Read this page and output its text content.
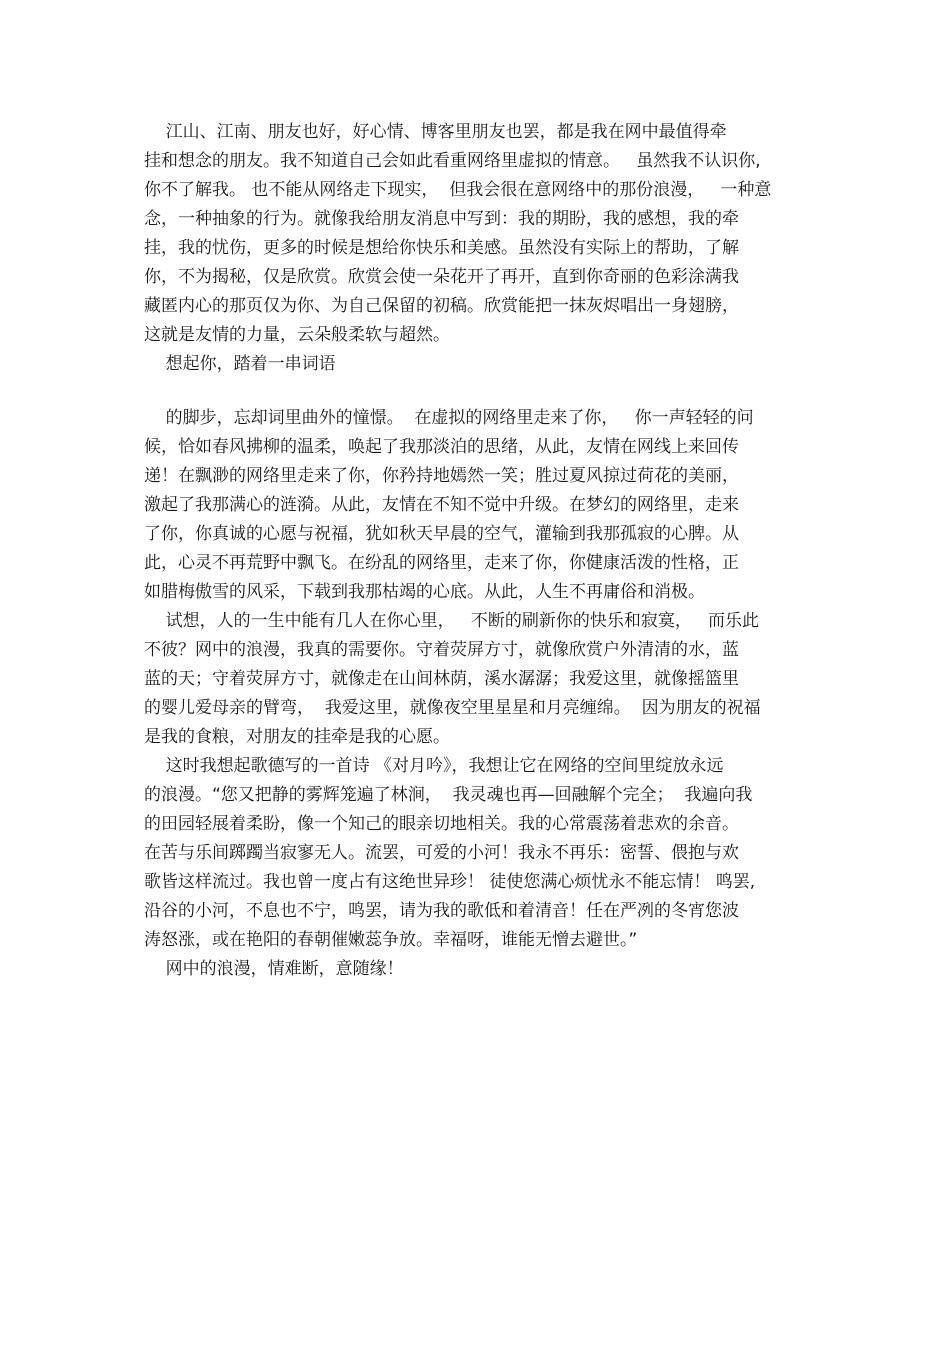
江山、江南、朋友也好，好心情、博客里朋友也罢，都是我在网中最值得牵
挂和想念的朋友。我不知道自己会如此看重网络里虚拟的情意。   虽然我不认识你,
你不了解我。 也不能从网络走下现实，  但我会很在意网络中的那份浪漫，   一种意
念，一种抽象的行为。就像我给朋友消息中写到：我的期盼，我的感想，我的牵
挂，我的忧伤，更多的时候是想给你快乐和美感。虽然没有实际上的帮助，了解
你，不为揭秘，仅是欣赏。欣赏会使一朵花开了再开，直到你奇丽的色彩涂满我
藏匿内心的那页仅为你、为自己保留的初稿。欣赏能把一抹灰烬唱出一身翅膀，
这就是友情的力量，云朵般柔软与超然。
想起你，踏着一串词语
的脚步，忘却词里曲外的憧憬。  在虚拟的网络里走来了你，   你一声轻轻的问
候，恰如春风拂柳的温柔，唤起了我那淡泊的思绪，从此，友情在网线上来回传
递！在飘渺的网络里走来了你，你矜持地嫣然一笑；胜过夏风掠过荷花的美丽，
激起了我那满心的涟漪。从此，友情在不知不觉中升级。在梦幻的网络里，走来
了你，你真诚的心愿与祝福，犹如秋天早晨的空气，灌输到我那孤寂的心脾。从
此，心灵不再荒野中飘飞。在纷乱的网络里，走来了你，你健康活泼的性格，正
如腊梅傲雪的风采，下载到我那枯竭的心底。从此，人生不再庸俗和消极。
试想，人的一生中能有几人在你心里，   不断的刷新你的快乐和寂寞，   而乐此
不彼？网中的浪漫，我真的需要你。守着荧屏方寸，就像欣赏户外清清的水，蓝
蓝的天；守着荧屏方寸，就像走在山间林荫，溪水潺潺；我爱这里，就像摇篮里
的婴儿爱母亲的臂弯，  我爱这里，就像夜空里星星和月亮缠绵。  因为朋友的祝福
是我的食粮，对朋友的挂牵是我的心愿。
这时我想起歌德写的一首诗 《对月吟》，我想让它在网络的空间里绽放永远
的浪漫。“您又把静的雾辉笼遍了林涧，  我灵魂也再—回融解个完全；  我遍向我
的田园轻展着柔盼，像一个知己的眼亲切地相关。我的心常震荡着悲欢的余音。
在苦与乐间踯躅当寂寥无人。流罢，可爱的小河！我永不再乐：密誓、偎抱与欢
歌皆这样流过。我也曾一度占有这绝世异珍！ 徒使您满心烦忧永不能忘情！ 鸣罢,
沿谷的小河，不息也不宁，鸣罢，请为我的歌低和着清音！任在严冽的冬宵您波
涛怒涨，或在艳阳的春朝催嫩蕊争放。幸福呀，谁能无憎去避世。”
网中的浪漫，情难断，意随缘！
